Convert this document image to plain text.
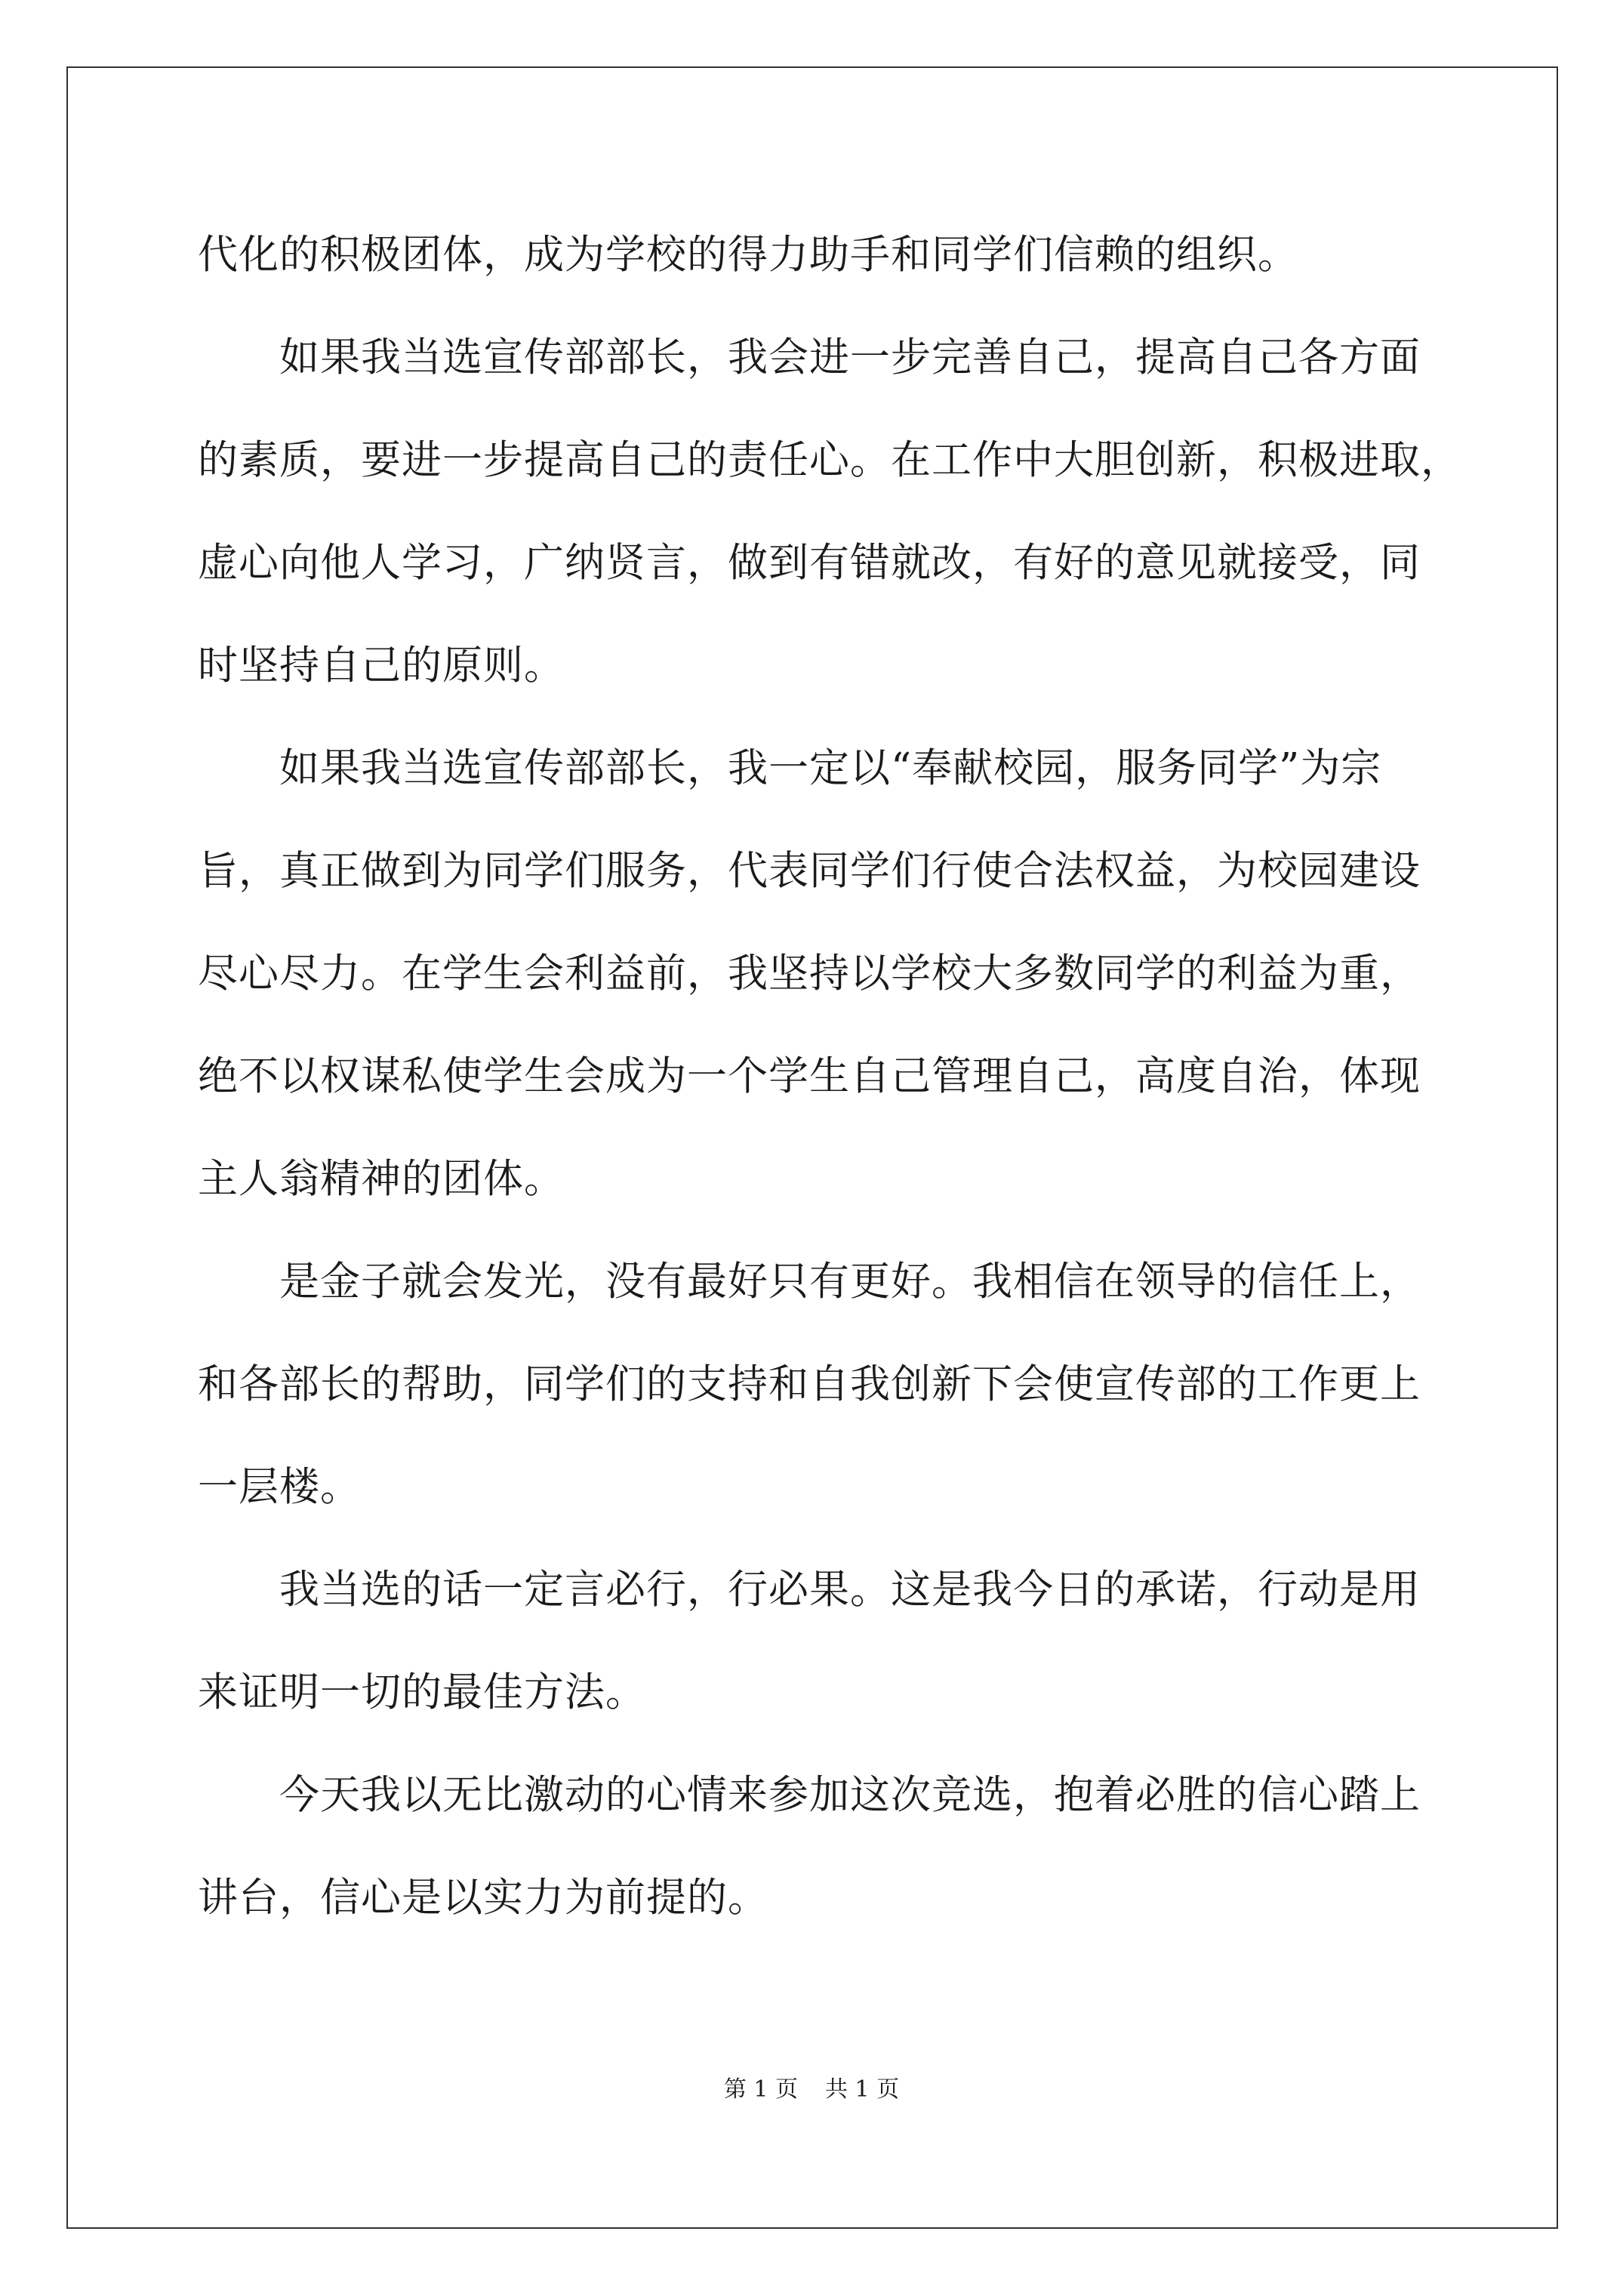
代化的积极团体，成为学校的得力助手和同学们信赖的组织。
　　如果我当选宣传部部长，我会进一步完善自己，提高自己各方面
的素质，要进一步提高自己的责任心。在工作中大胆创新，积极进取，
虚心向他人学习，广纳贤言，做到有错就改，有好的意见就接受，同
时坚持自己的原则。
　　如果我当选宣传部部长，我一定以“奉献校园，服务同学”为宗
旨，真正做到为同学们服务，代表同学们行使合法权益，为校园建设
尽心尽力。在学生会利益前，我坚持以学校大多数同学的利益为重，
绝不以权谋私使学生会成为一个学生自己管理自己，高度自治，体现
主人翁精神的团体。
　　是金子就会发光，没有最好只有更好。我相信在领导的信任上，
和各部长的帮助，同学们的支持和自我创新下会使宣传部的工作更上
一层楼。
　　我当选的话一定言必行，行必果。这是我今日的承诺，行动是用
来证明一切的最佳方法。
　　今天我以无比激动的心情来参加这次竞选，抱着必胜的信心踏上
讲台，信心是以实力为前提的。
第 1 页 共 1 页
